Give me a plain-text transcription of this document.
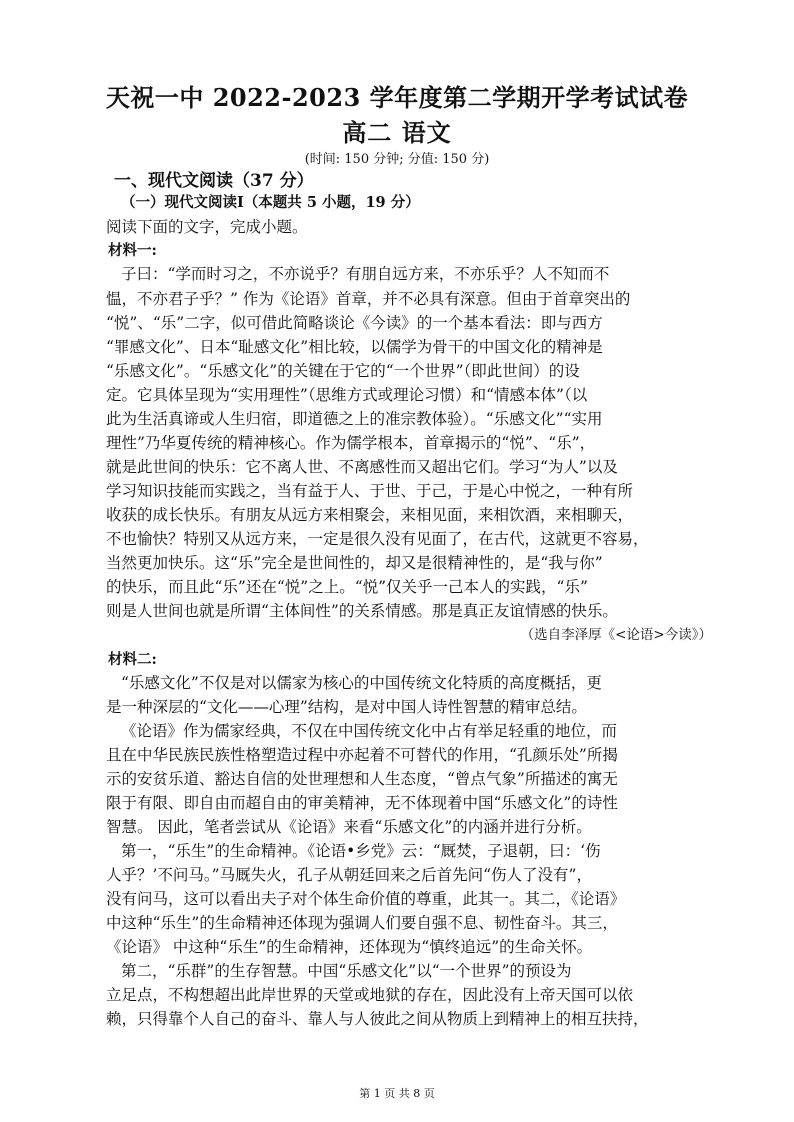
天祝一中 2022-2023 学年度第二学期开学考试试卷
高二 语文
(时间: 150 分钟; 分值: 150 分)
一、现代文阅读（37 分）
（一）现代文阅读Ⅰ（本题共 5 小题，19 分）
阅读下面的文字，完成小题。
材料一:
子曰：“学而时习之，不亦说乎？有朋自远方来，不亦乐乎？人不知而不
愠，不亦君子乎？” 作为《论语》首章，并不必具有深意。但由于首章突出的
“悦”、“乐”二字，似可借此简略谈论《今读》的一个基本看法：即与西方
“罪感文化”、日本“耻感文化”相比较，以儒学为骨干的中国文化的精神是
“乐感文化”。“乐感文化”的关键在于它的“一个世界”（即此世间）的设
定。它具体呈现为“实用理性”（思维方式或理论习惯）和“情感本体”（以
此为生活真谛或人生归宿，即道德之上的准宗教体验）。“乐感文化”“实用
理性”乃华夏传统的精神核心。作为儒学根本，首章揭示的“悦”、“乐”，
就是此世间的快乐：它不离人世、不离感性而又超出它们。学习“为人”以及
学习知识技能而实践之，当有益于人、于世、于己，于是心中悦之，一种有所
收获的成长快乐。有朋友从远方来相聚会，来相见面，来相饮酒，来相聊天，
不也愉快？特别又从远方来，一定是很久没有见面了，在古代，这就更不容易，
当然更加快乐。这“乐”完全是世间性的，却又是很精神性的，是“我与你”
的快乐，而且此“乐”还在“悦”之上。“悦”仅关乎一己本人的实践，“乐”
则是人世间也就是所谓“主体间性”的关系情感。那是真正友谊情感的快乐。
（选自李泽厚《<论语>今读》）
材料二:
“乐感文化”不仅是对以儒家为核心的中国传统文化特质的高度概括，更
是一种深层的“文化——心理”结构，是对中国人诗性智慧的精审总结。
《论语》作为儒家经典，不仅在中国传统文化中占有举足轻重的地位，而
且在中华民族民族性格塑造过程中亦起着不可替代的作用，“孔颜乐处”所揭
示的安贫乐道、豁达自信的处世理想和人生态度，“曾点气象”所描述的寓无
限于有限、即自由而超自由的审美精神，无不体现着中国“乐感文化”的诗性
智慧。 因此，笔者尝试从《论语》来看“乐感文化”的内涵并进行分析。
第一，“乐生”的生命精神。《论语•乡党》云：“厩焚，子退朝，曰：‘伤
人乎？’不问马。”马厩失火，孔子从朝廷回来之后首先问“伤人了没有”，
没有问马，这可以看出夫子对个体生命价值的尊重，此其一。其二，《论语》
中这种“乐生”的生命精神还体现为强调人们要自强不息、韧性奋斗。其三，
《论语》 中这种“乐生”的生命精神，还体现为“慎终追远”的生命关怀。
第二，“乐群”的生存智慧。中国“乐感文化”以“一个世界”的预设为
立足点，不构想超出此岸世界的天堂或地狱的存在，因此没有上帝天国可以依
赖，只得靠个人自己的奋斗、靠人与人彼此之间从物质上到精神上的相互扶持，
第 1 页 共 8 页
